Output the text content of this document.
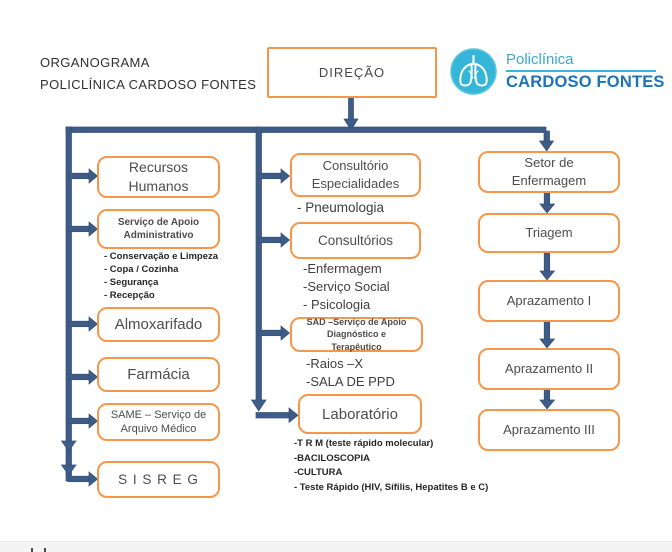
ORGANOGRAMA
POLICLÍNICA CARDOSO FONTES
Policlínica
CARDOSO FONTES
DIREÇÃO
Recursos Humanos
Serviço de Apoio Administrativo
- Conservação e Limpeza
- Copa / Cozinha
- Segurança
- Recepção
Almoxarifado
Farmácia
SAME – Serviço de Arquivo Médico
S I S R E G
Consultório Especialidades
- Pneumologia
Consultórios
-Enfermagem
-Serviço Social
- Psicologia
SAD –Serviço de Apoio Diagnóstico e Terapêutico
-Raios –X
-SALA DE PPD
Laboratório
-T R M (teste rápido molecular)
-BACILOSCOPIA
-CULTURA
- Teste Rápido (HIV, Sífilis, Hepatites B e C)
Setor de Enfermagem
Triagem
Aprazamento I
Aprazamento II
Aprazamento III
